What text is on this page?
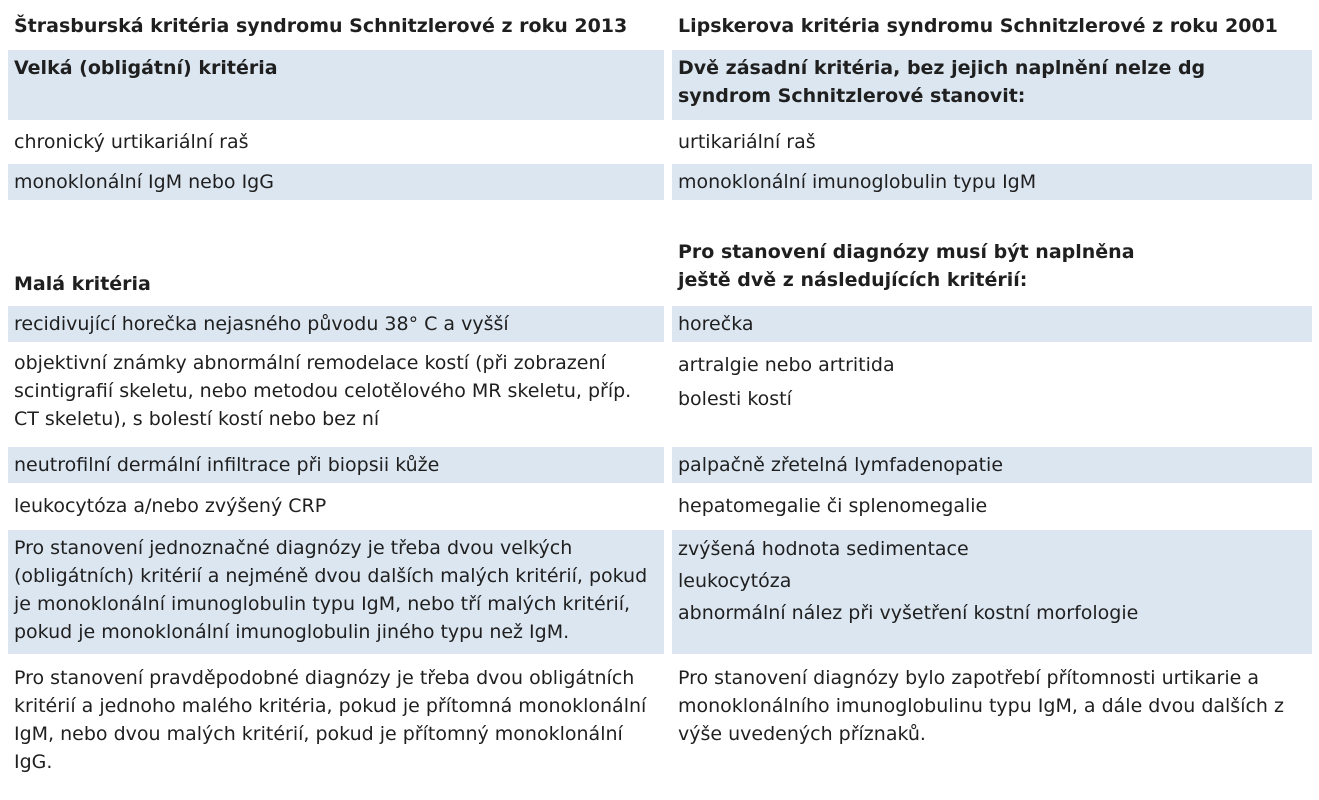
Štrasburská kritéria syndromu Schnitzlerové z roku 2013
Velká (obligátní) kritéria
chronický urtikariální raš
monoklonální IgM nebo IgG
Malá kritéria
recidivující horečka nejasného původu 38° C a vyšší
objektivní známky abnormální remodelace kostí (při zobrazení scintigrafií skeletu, nebo metodou celotělového MR skeletu, příp. CT skeletu), s bolestí kostí nebo bez ní
neutrofilní dermální infiltrace při biopsii kůže
leukocytóza a/nebo zvýšený CRP
Pro stanovení jednoznačné diagnózy je třeba dvou velkých (obligátních) kritérií a nejméně dvou dalších malých kritérií, pokud je monoklonální imunoglobulin typu IgM, nebo tří malých kritérií, pokud je monoklonální imunoglobulin jiného typu než IgM.
Pro stanovení pravděpodobné diagnózy je třeba dvou obligátních kritérií a jednoho malého kritéria, pokud je přítomná monoklonální IgM, nebo dvou malých kritérií, pokud je přítomný monoklonální IgG.
Lipskerova kritéria syndromu Schnitzlerové z roku 2001
Dvě zásadní kritéria, bez jejich naplnění nelze dg syndrom Schnitzlerové stanovit:
urtikariální raš
monoklonální imunoglobulin typu IgM
Pro stanovení diagnózy musí být naplněna ještě dvě z následujících kritérií:
horečka
artralgie nebo artritida
bolesti kostí
palpačně zřetelná lymfadenopatie
hepatomegalie či splenomegalie
zvýšená hodnota sedimentace
leukocytóza
abnormální nález při vyšetření kostní morfologie
Pro stanovení diagnózy bylo zapotřebí přítomnosti urtikarie a monoklonálního imunoglobulinu typu IgM, a dále dvou dalších z výše uvedených příznaků.
